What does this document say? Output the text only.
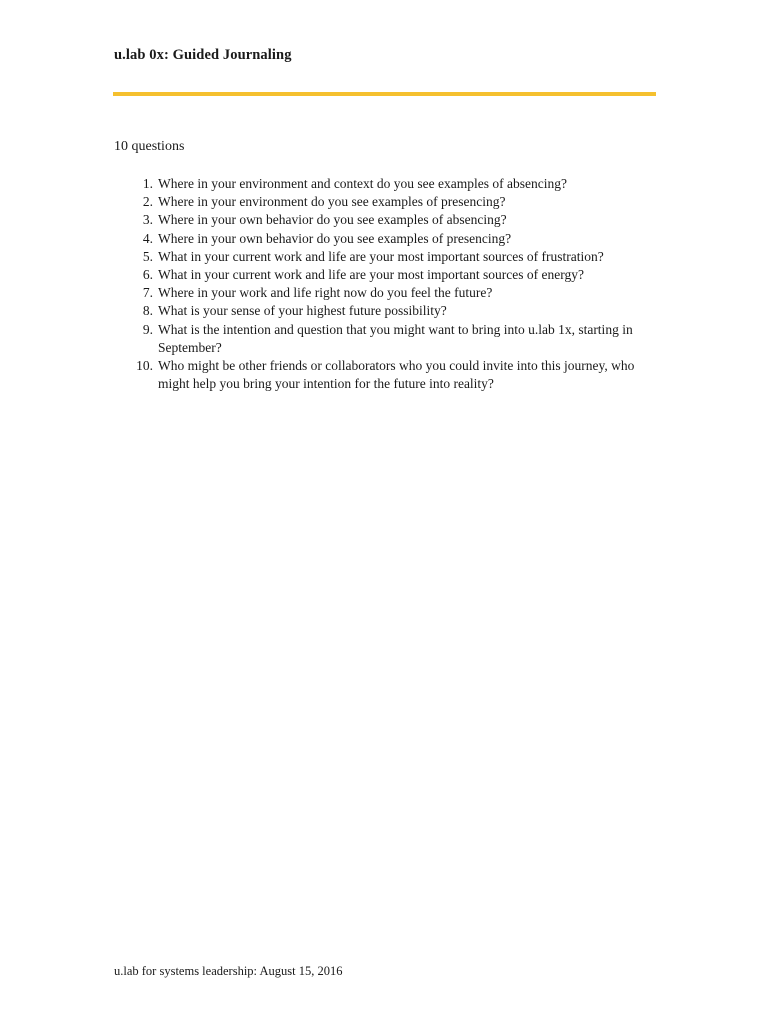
u.lab 0x: Guided Journaling
10 questions
1. Where in your environment and context do you see examples of absencing?
2. Where in your environment do you see examples of presencing?
3. Where in your own behavior do you see examples of absencing?
4. Where in your own behavior do you see examples of presencing?
5. What in your current work and life are your most important sources of frustration?
6. What in your current work and life are your most important sources of energy?
7. Where in your work and life right now do you feel the future?
8. What is your sense of your highest future possibility?
9. What is the intention and question that you might want to bring into u.lab 1x, starting in September?
10. Who might be other friends or collaborators who you could invite into this journey, who might help you bring your intention for the future into reality?
u.lab for systems leadership: August 15, 2016
